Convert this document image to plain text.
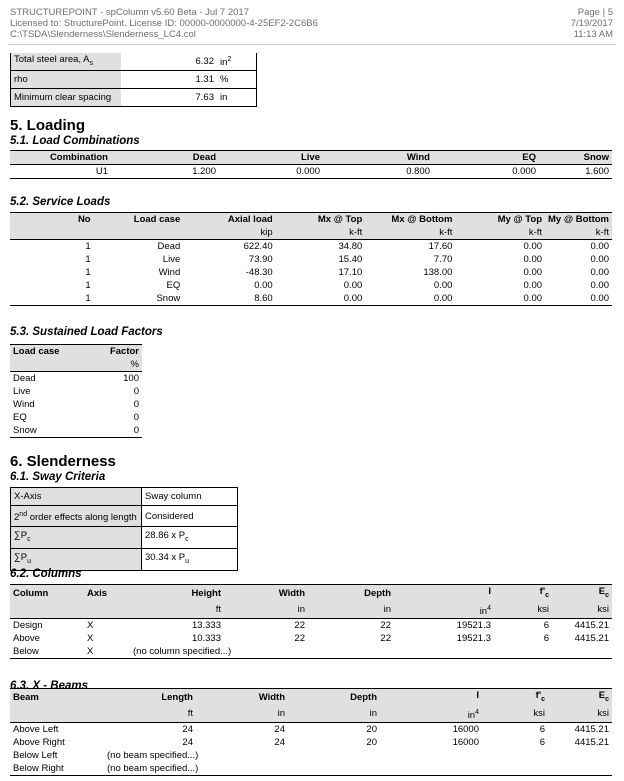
STRUCTUREPOINT - spColumn v5.60 Beta - Jul 7 2017
Licensed to: StructurePoint. License ID: 00000-0000000-4-25EF2-2C6B6
C:\TSDA\Slenderness\Slenderness_LC4.col
Page | 5
7/19/2017
11:13 AM
Total steel area, $A_s$	6.32	$in^2$
rho	1.31	%
Minimum clear spacing	7.63	in
5. Loading
5.1. Load Combinations
Combination	Dead	Live	Wind	EQ	Snow
U1	1.200	0.000	0.800	0.000	1.600
5.2. Service Loads
No	Load case	Axial load	Mx @ Top	Mx @ Bottom	My @ Top	My @ Bottom
		kip	k-ft	k-ft	k-ft	k-ft
1	Dead	622.40	34.80	17.60	0.00	0.00
1	Live	73.90	15.40	7.70	0.00	0.00
1	Wind	-48.30	17.10	138.00	0.00	0.00
1	EQ	0.00	0.00	0.00	0.00	0.00
1	Snow	8.60	0.00	0.00	0.00	0.00
5.3. Sustained Load Factors
Load case	Factor
	%
Dead	100
Live	0
Wind	0
EQ	0
Snow	0
6. Slenderness
6.1. Sway Criteria
X-Axis	Sway column
2nd order effects along length	Considered
$\sum P_c$	28.86 x $P_c$
$\sum P_u$	30.34 x $P_u$
6.2. Columns
Column	Axis	Height	Width	Depth	I	$f'_c$	$E_c$
		ft	in	in	$in^4$	ksi	ksi
Design	X	13.333	22	22	19521.3	6	4415.21
Above	X	10.333	22	22	19521.3	6	4415.21
Below	X	(no column specified...)					
6.3. X - Beams
Beam	Length	Width	Depth	I	$f'_c$	$E_c$
	ft	in	in	$in^4$	ksi	ksi
Above Left	24	24	20	16000	6	4415.21
Above Right	24	24	20	16000	6	4415.21
Below Left	(no beam specified...)					
Below Right	(no beam specified...)					
